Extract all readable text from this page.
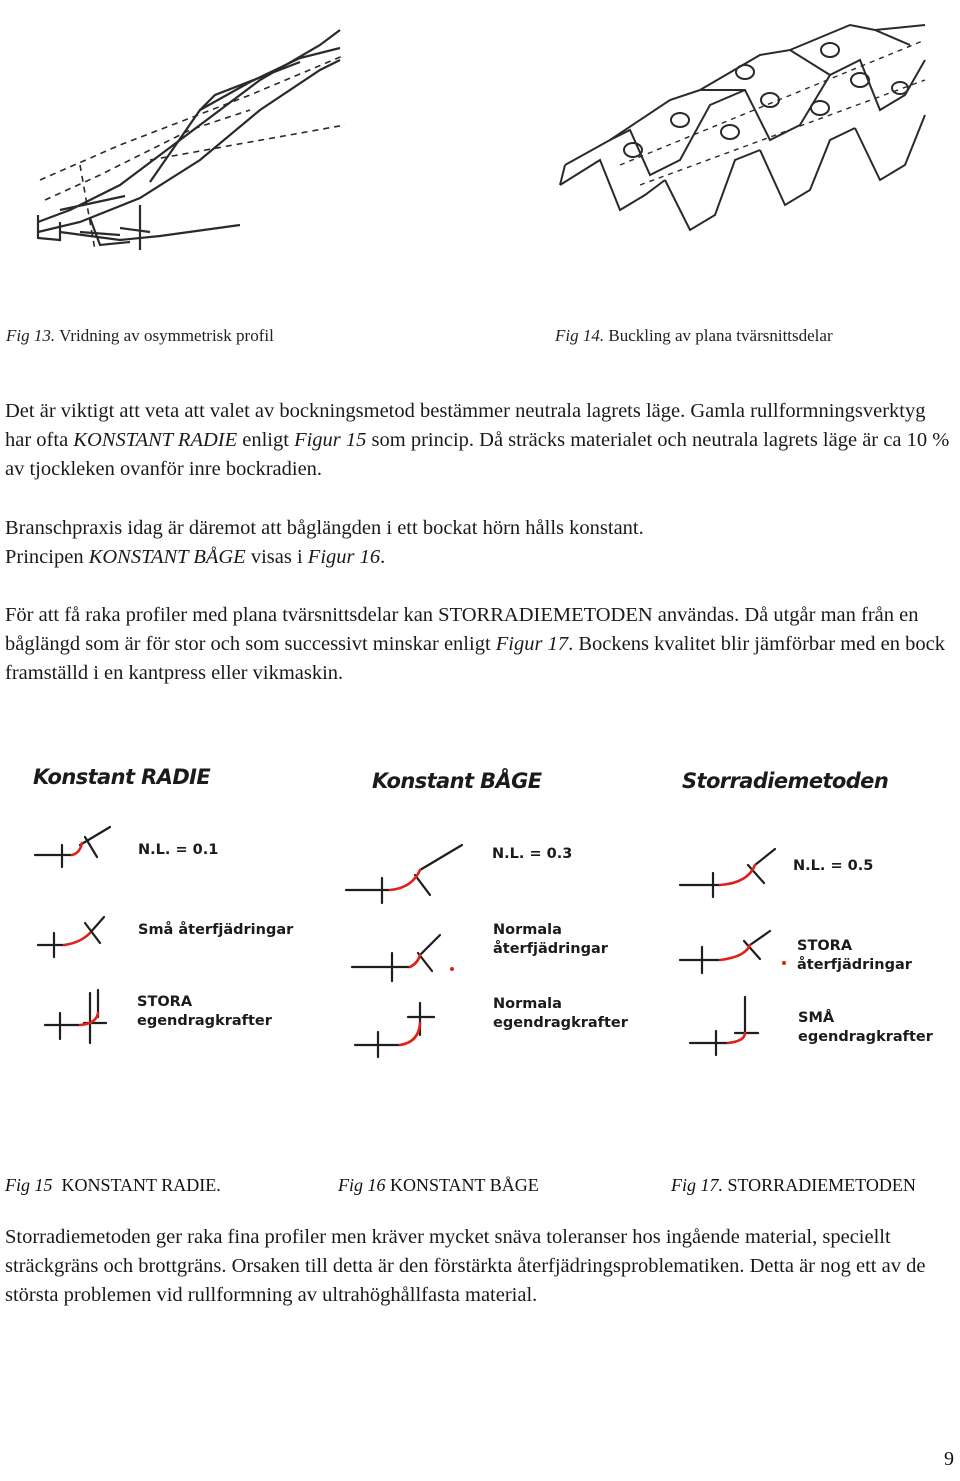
Fig 13. Vridning av osymmetrisk profil	Fig 14. Buckling av plana tvärsnittsdelar

Det är viktigt att veta att valet av bockningsmetod bestämmer neutrala lagrets läge. Gamla rullformningsverktyg har ofta KONSTANT RADIE enligt Figur 15 som princip. Då sträcks materialet och neutrala lagrets läge är ca 10 % av tjockleken ovanför inre bockradien.

Branschpraxis idag är däremot att båglängden i ett bockat hörn hålls konstant.

Principen KONSTANT BÅGE visas i Figur 16.

För att få raka profiler med plana tvärsnittsdelar kan STORRADIEMETODEN användas. Då utgår man från en båglängd som är för stor och som successivt minskar enligt Figur 17. Bockens kvalitet blir jämförbar med en bock framställd i en kantpress eller vikmaskin.

Konstant RADIE	Konstant BÅGE	Storradiemetoden
N.L. = 0.1	N.L. = 0.3
N.L. = 0.5
Små återfjädringar	Normala
återfjädringar	STORA
återfjädringar
STORA
egendragkrafter
Normala
egendragkrafter	SMÅ
egendragkrafter
Fig 15 KONSTANT RADIE.	Fig 16 KONSTANT BÅGE	Fig 17. STORRADIEMETODEN

Storradiemetoden ger raka fina profiler men kräver mycket snäva toleranser hos ingående material, speciellt sträckgräns och brottgräns. Orsaken till detta är den förstärkta återfjädringsproblematiken. Detta är nog ett av de största problemen vid rullformning av ultrahöghållfasta material.

9
